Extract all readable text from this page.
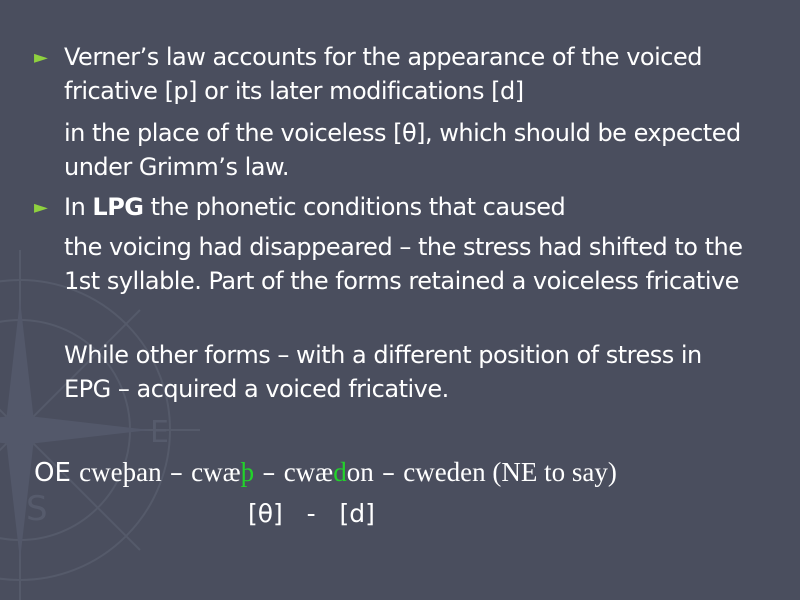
S
E
► Verner’s law accounts for the appearance of the voiced fricative [p] or its later modifications [d]
in the place of the voiceless [θ], which should be expected under Grimm’s law.
► In LPG the phonetic conditions that caused
the voicing had disappeared – the stress had shifted to the 1st syllable. Part of the forms retained a voiceless fricative
While other forms – with a different position of stress in EPG – acquired a voiced fricative.
OE cweþan – cwæþ – cwædon – cweden (NE to say)
[θ]   -   [d]
